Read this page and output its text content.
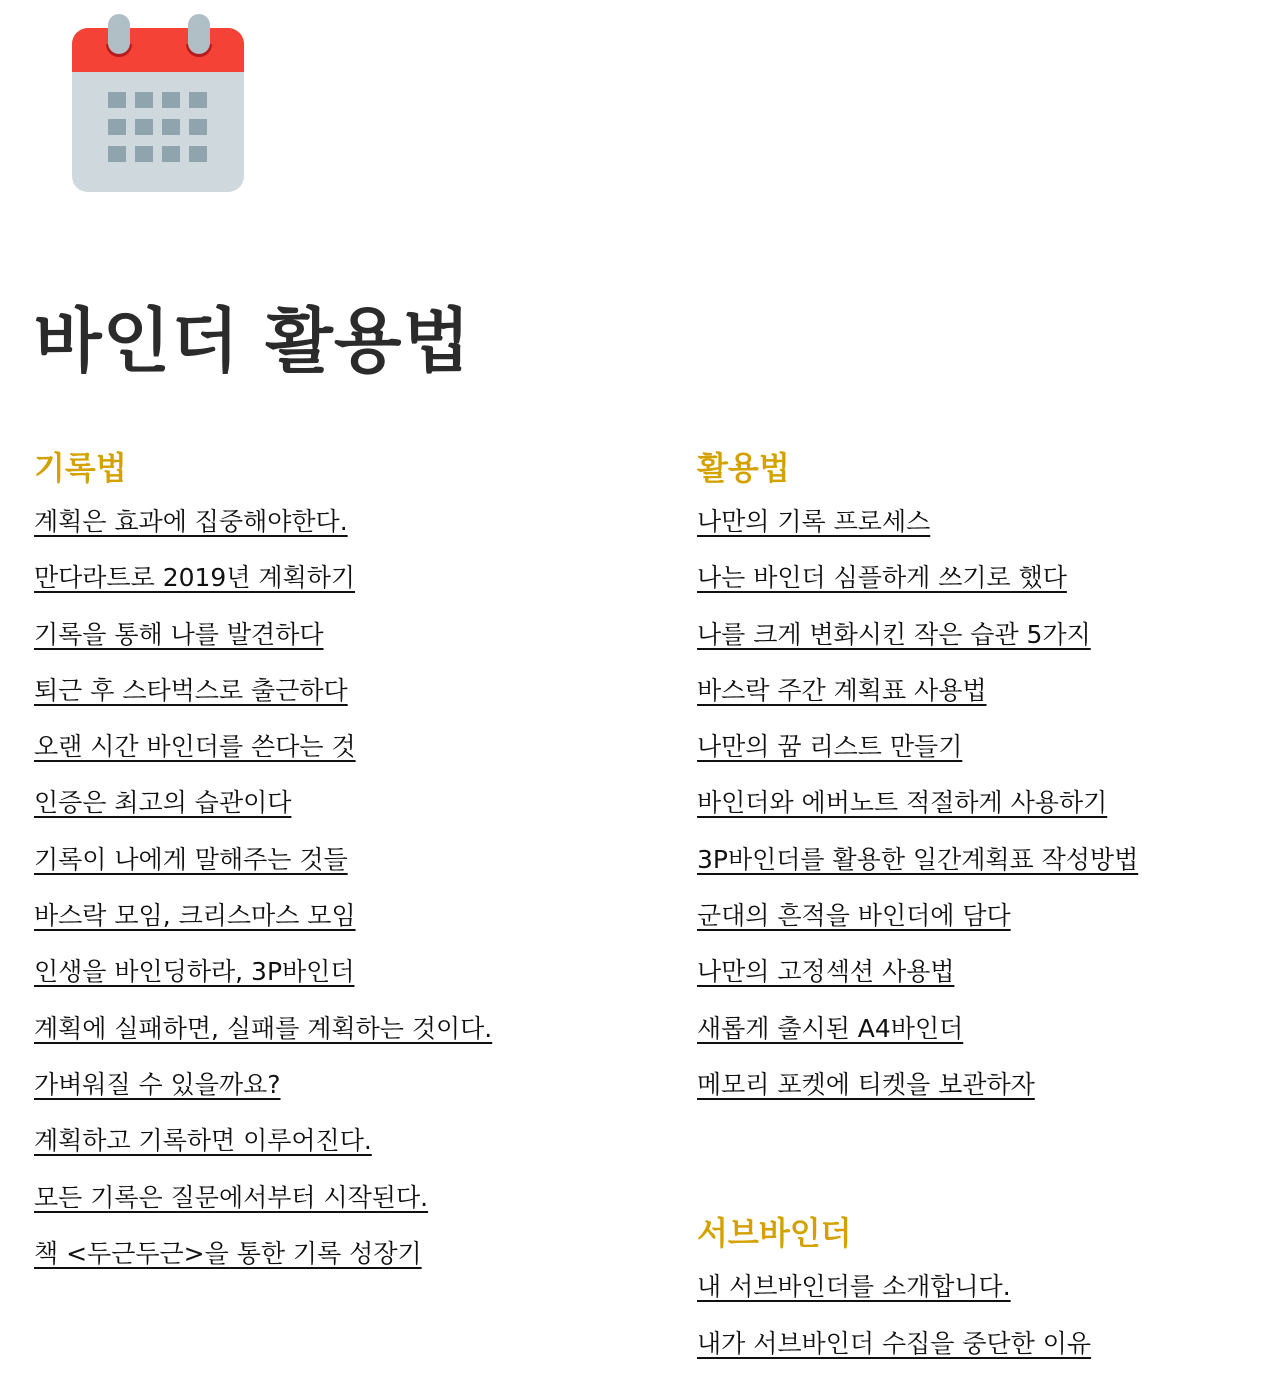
바인더 활용법
기록법
계획은 효과에 집중해야한다.
만다라트로 2019년 계획하기
기록을 통해 나를 발견하다
퇴근 후 스타벅스로 출근하다
오랜 시간 바인더를 쓴다는 것
인증은 최고의 습관이다
기록이 나에게 말해주는 것들
바스락 모임, 크리스마스 모임
인생을 바인딩하라, 3P바인더
계획에 실패하면, 실패를 계획하는 것이다.
가벼워질 수 있을까요?
계획하고 기록하면 이루어진다.
모든 기록은 질문에서부터 시작된다.
책 <두근두근>을 통한 기록 성장기
활용법
나만의 기록 프로세스
나는 바인더 심플하게 쓰기로 했다
나를 크게 변화시킨 작은 습관 5가지
바스락 주간 계획표 사용법
나만의 꿈 리스트 만들기
바인더와 에버노트 적절하게 사용하기
3P바인더를 활용한 일간계획표 작성방법
군대의 흔적을 바인더에 담다
나만의 고정섹션 사용법
새롭게 출시된 A4바인더
메모리 포켓에 티켓을 보관하자
서브바인더
내 서브바인더를 소개합니다.
내가 서브바인더 수집을 중단한 이유
